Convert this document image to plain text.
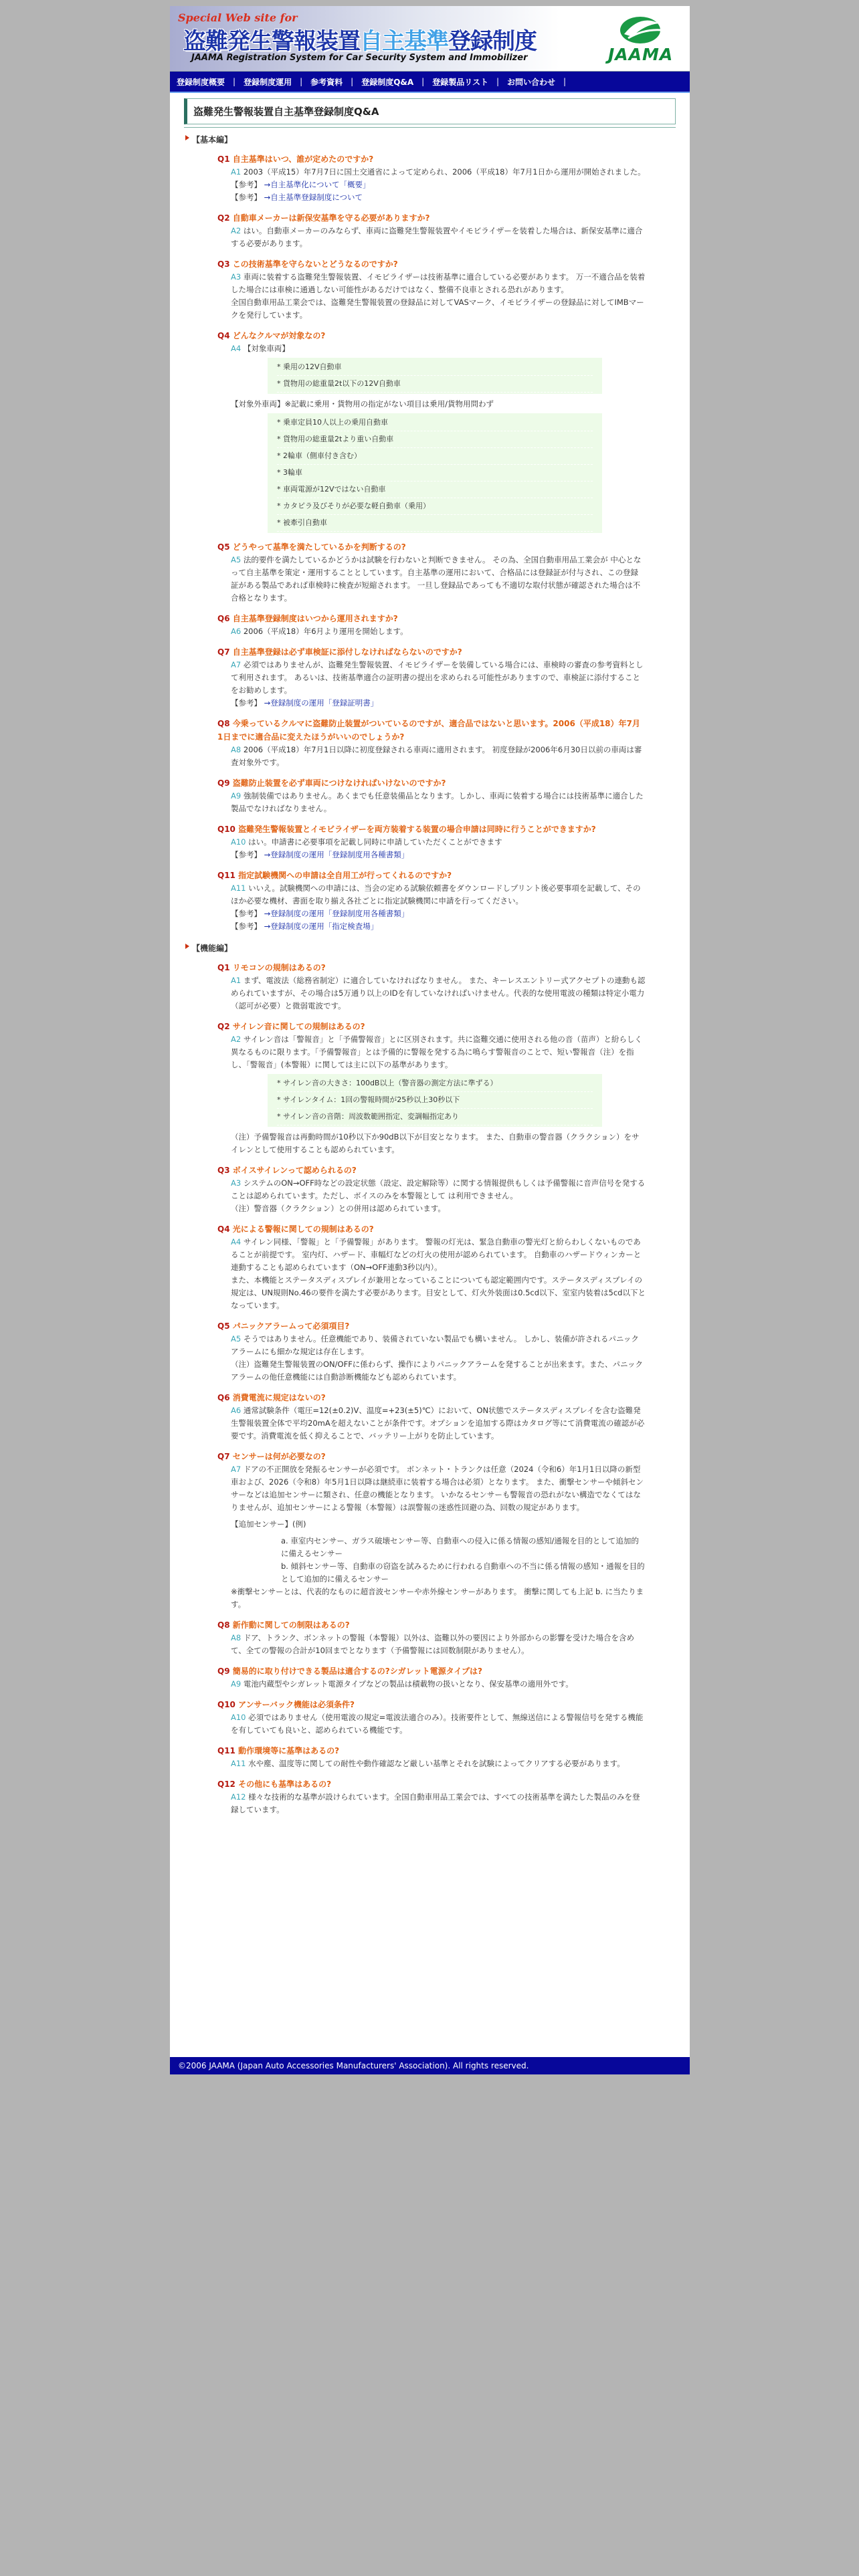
Special Web site for
盗難発生警報装置自主基準登録制度
JAAMA Registration System for Car Security System and Immobilizer	JAAMA
登録制度概要	|	登録制度運用	|	参考資料	|	登録制度Q&A	|	登録製品リスト	|	お問い合わせ	|
盗難発生警報装置自主基準登録制度Q&A
【基本編】
Q1 自主基準はいつ、誰が定めたのですか?
A1 2003（平成15）年7月7日に国土交通省によって定められ、2006（平成18）年7月1日から運用が開始されました。
【参考】 →自主基準化について「概要」
【参考】 →自主基準登録制度について
Q2 自動車メーカーは新保安基準を守る必要がありますか?
A2 はい。自動車メーカーのみならず、車両に盗難発生警報装置やイモビライザーを装着した場合は、新保安基準に適合する必要があります。
Q3 この技術基準を守らないとどうなるのですか?
A3 車両に装着する盗難発生警報装置、イモビライザーは技術基準に適合している必要があります。 万一不適合品を装着した場合には車検に通過しない可能性があるだけではなく、整備不良車とされる恐れがあります。
全国自動車用品工業会では、盗難発生警報装置の登録品に対してVASマーク、イモビライザーの登録品に対してIMBマークを発行しています。
Q4 どんなクルマが対象なの?
A4 【対象車両】
* 乗用の12V自動車
* 貨物用の総重量2t以下の12V自動車
【対象外車両】※記載に乗用・貨物用の指定がない項目は乗用/貨物用問わず
* 乗車定員10人以上の乗用自動車
* 貨物用の総重量2tより重い自動車
* 2輪車（側車付き含む）
* 3輪車
* 車両電源が12Vではない自動車
* カタピラ及びそりが必要な軽自動車（乗用）
* 被牽引自動車
Q5 どうやって基準を満たしているかを判断するの?
A5 法的要件を満たしているかどうかは試験を行わないと判断できません。 その為、全国自動車用品工業会が 中心となって自主基準を策定・運用することとしています。自主基準の運用において、合格品には登録証が付与され、この登録証がある製品であれば車検時に検査が短縮されます。 一旦し登録品であっても不適切な取付状態が確認された場合は不合格となります。
Q6 自主基準登録制度はいつから運用されますか?
A6 2006（平成18）年6月より運用を開始します。
Q7 自主基準登録は必ず車検証に添付しなければならないのですか?
A7 必須ではありませんが、盗難発生警報装置、イモビライザーを装備している場合には、車検時の審査の参考資料として利用されます。 あるいは、技術基準適合の証明書の提出を求められる可能性がありますので、車検証に添付することをお勧めします。
【参考】 →登録制度の運用「登録証明書」
Q8 今乗っているクルマに盗難防止装置がついているのですが、適合品ではないと思います。2006（平成18）年7月1日までに適合品に変えたほうがいいのでしょうか?
A8 2006（平成18）年7月1日以降に初度登録される車両に適用されます。 初度登録が2006年6月30日以前の車両は審査対象外です。
Q9 盗難防止装置を必ず車両につけなければいけないのですか?
A9 強制装備ではありません。あくまでも任意装備品となります。しかし、車両に装着する場合には技術基準に適合した製品でなければなりません。
Q10 盗難発生警報装置とイモビライザーを両方装着する装置の場合申請は同時に行うことができますか?
A10 はい。申請書に必要事項を記載し同時に申請していただくことができます
【参考】 →登録制度の運用「登録制度用各種書類」
Q11 指定試験機関への申請は全自用工が行ってくれるのですか?
A11 いいえ。試験機関への申請には、当会の定める試験依頼書をダウンロードしプリント後必要事項を記載して、そのほか必要な機材、書面を取り揃え各社ごとに指定試験機関に申請を行ってください。
【参考】 →登録制度の運用「登録制度用各種書類」
【参考】 →登録制度の運用「指定検査場」
【機能編】
Q1 リモコンの規制はあるの?
A1 まず、電波法（総務省制定）に適合していなければなりません。 また、キーレスエントリー式アクセプトの連動も認められていますが、その場合は5万通り以上のIDを有していなければいけません。代表的な使用電波の種類は特定小電力（認可が必要）と微弱電波です。
Q2 サイレン音に関しての規制はあるの?
A2 サイレン音は「警報音」と「予備警報音」とに区別されます。共に盗難交通に使用される他の音（苗声）と紛らしく異なるものに限ります。「予備警報音」とは予備的に警報を発する為に鳴らす警報音のことで、短い警報音（注）を指し、「警報音」(本警報）に関しては主に以下の基準があります。
* サイレン音の大きさ：100dB以上（警音器の測定方法に準ずる）
* サイレンタイム：1回の警報時間が25秒以上30秒以下
* サイレン音の音階：周波数範囲指定、変調幅指定あり
（注）予備警報音は再動時間が10秒以下か90dB以下が目安となります。 また、自動車の警音器（クラクション）をサイレンとして使用することも認められています。
Q3 ボイスサイレンって認められるの?
A3 システムのON→OFF時などの設定状態（設定、設定解除等）に関する情報提供もしくは予備警報に音声信号を発することは認められています。ただし、ボイスのみを本警報として は利用できません。
（注）警音器（クラクション）との併用は認められています。
Q4 光による警報に関しての規制はあるの?
A4 サイレン同様、「警報」と「予備警報」があります。 警報の灯光は、緊急自動車の警光灯と紛らわしくないものであることが前提です。 室内灯、ハザード、車幅灯などの灯火の使用が認められています。 自動車のハザードウィンカーと連動することも認められています（ON→OFF連動3秒以内）。
また、本機能とステータスディスプレイが兼用となっていることについても認定範囲内です。ステータスディスプレイの規定は、UN規則No.46の要件を満たす必要があります。目安として、灯火外装面は0.5cd以下、室室内装着は5cd以下となっています。
Q5 パニックアラームって必須項目?
A5 そうではありません。任意機能であり、装備されていない製品でも構いません。 しかし、装備が許されるパニックアラームにも細かな規定は存在します。
（注）盗難発生警報装置のON/OFFに係わらず、操作によりパニックアラームを発することが出来ます。また、パニックアラームの他任意機能には自動診断機能なども認められています。
Q6 消費電流に規定はないの?
A6 通常試験条件（電圧=12(±0.2)V、温度=+23(±5)℃）において、ON状態でステータスディスプレイを含む盗難発生警報装置全体で平均20mAを超えないことが条件です。オプションを追加する際はカタログ等にて消費電流の確認が必要です。消費電流を低く抑えることで、バッテリー上がりを防止しています。
Q7 センサーは何が必要なの?
A7 ドアの不正開放を発振るセンサーが必須です。 ボンネット・トランクは任意（2024（令和6）年1月1日以降の新型車および、2026（令和8）年5月1日以降は継続車に装着する場合は必須）となります。 また、衝撃センサーや傾斜センサーなどは追加センサーに類され、任意の機能となります。 いかなるセンサーも警報音の恐れがない構造でなくてはなりませんが、追加センサーによる警報（本警報）は誤警報の迷惑性回避の為、回数の規定があります。
【追加センサー】(例)
a. 車室内センサー、ガラス破壊センサー等、自動車への侵入に係る情報の感知/通報を目的として追加的に備えるセンサー
b. 傾斜センサー等、自動車の窃盗を試みるために行われる自動車への不当に係る情報の感知・通報を目的として追加的に備えるセンサー
※衝撃センサーとは、代表的なものに超音波センサーや赤外線センサーがあります。 衝撃に関しても上記 b. に当たります。
Q8 新作動に関しての制限はあるの?
A8 ドア、トランク、ボンネットの警報（本警報）以外は、盗難以外の要因により外部からの影響を受けた場合を含めて、全ての警報の合計が10回までとなります（予備警報には回数制限がありません）。
Q9 簡易的に取り付けできる製品は適合するの?シガレット電源タイプは?
A9 電池内蔵型やシガレット電源タイプなどの製品は積載物の扱いとなり、保安基準の適用外です。
Q10 アンサーバック機能は必須条件?
A10 必須ではありません（使用電波の規定=電波法適合のみ）。技術要件として、無線送信による警報信号を発する機能を有していても良いと、認められている機能です。
Q11 動作環境等に基準はあるの?
A11 水や塵、温度等に関しての耐性や動作確認など厳しい基準とそれを試験によってクリアする必要があります。
Q12 その他にも基準はあるの?
A12 様々な技術的な基準が設けられています。全国自動車用品工業会では、すべての技術基準を満たした製品のみを登録しています。
©2006 JAAMA (Japan Auto Accessories Manufacturers' Association). All rights reserved.
